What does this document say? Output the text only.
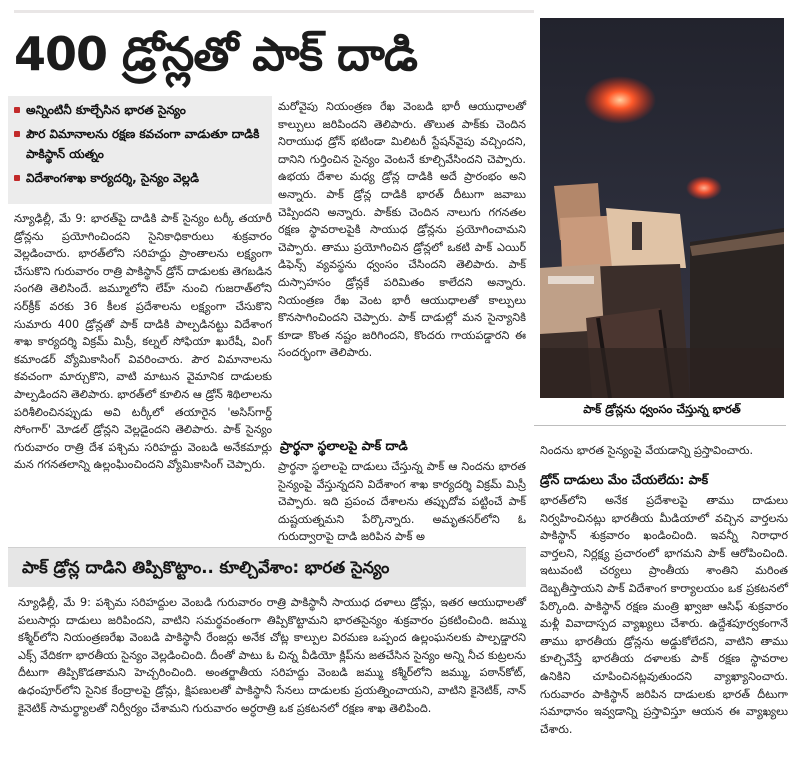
400 డ్రోన్లతో పాక్ దాడి
అన్నింటినీ కూల్చేసిన భారత సైన్యం
పౌర విమానాలను రక్షణ కవచంగా వాడుతూ దాడికి పాకిస్థాన్ యత్నం
విదేశాంగశాఖ కార్యదర్శి, సైన్యం వెల్లడి

న్యూఢిల్లీ, మే 9: భారత్‌పై దాడికి పాక్ సైన్యం టర్కీ తయారీ డ్రోన్లను ప్రయోగించిందని సైనికాధికారులు శుక్రవారం వెల్లడించారు. భారత్‌లోని సరిహద్దు ప్రాంతాలను లక్ష్యంగా చేసుకొని గురువారం రాత్రి పాకిస్థాన్ డ్రోన్ దాడులకు తెగబడిన సంగతి తెలిసిందే. జమ్మూలోని లేహ్ నుంచి గుజరాత్‌లోని సర్‌క్రీక్ వరకు 36 కీలక ప్రదేశాలను లక్ష్యంగా చేసుకొని సుమారు 400 డ్రోన్లతో పాక్ దాడికి పాల్పడినట్టు విదేశాంగ శాఖ కార్యదర్శి విక్రమ్ మిస్రీ, కల్నల్ సోఫియా ఖురేషీ, వింగ్ కమాండర్ వ్యోమికాసింగ్ వివరించారు. పౌర విమానాలను కవచంగా మార్చుకొని, వాటి మాటున వైమానిక దాడులకు పాల్పడిందని తెలిపారు. భారత్‌లో కూలిన ఆ డ్రోన్ శిథిలాలను పరిశీలించినప్పుడు అవి టర్కీలో తయారైన 'అసిస్‌గార్డ్ సోంగార్' మోడల్ డ్రోన్లని వెల్లడైందని తెలిపారు. పాక్ సైన్యం గురువారం రాత్రి దేశ పశ్చిమ సరిహద్దు వెంబడి అనేకమార్లు మన గగనతలాన్ని ఉల్లంఘించిందని వ్యోమికాసింగ్ చెప్పారు.

మరోవైపు నియంత్రణ రేఖ వెంబడి భారీ ఆయుధాలతో కాల్పులు జరిపిందని తెలిపారు. తొలుత పాక్‌కు చెందిన నిరాయుధ డ్రోన్ భటిండా మిలిటరీ స్టేషన్‌వైపు వచ్చిందని, దానిని గుర్తించిన సైన్యం వెంటనే కూల్చివేసిందని చెప్పారు. ఉభయ దేశాల మధ్య డ్రోన్ల దాడికి అదే ప్రారంభం అని అన్నారు. పాక్ డ్రోన్ల దాడికి భారత్ దీటుగా జవాబు చెప్పిందని అన్నారు. పాక్‌కు చెందిన నాలుగు గగనతల రక్షణ స్థావరాలపైకి సాయుధ డ్రోన్లను ప్రయోగించామని చెప్పారు. తాము ప్రయోగించిన డ్రోన్లలో ఒకటి పాక్ ఎయిర్ డిఫెన్స్ వ్యవస్థను ధ్వంసం చేసిందని తెలిపారు. పాక్ దుస్సాహసం డ్రోన్లకే పరిమితం కాలేదని అన్నారు. నియంత్రణ రేఖ వెంట భారీ ఆయుధాలతో కాల్పులు కొనసాగించిందని చెప్పారు. పాక్ దాడుల్లో మన సైన్యానికి కూడా కొంత నష్టం జరిగిందని, కొందరు గాయపడ్డారని ఈ సందర్భంగా తెలిపారు.

ప్రార్థనా స్థలాలపై పాక్ దాడి

ప్రార్థనా స్థలాలపై దాడులు చేస్తున్న పాక్ ఆ నిందను భారత సైన్యంపై వేస్తున్నదని విదేశాంగ శాఖ కార్యదర్శి విక్రమ్ మిస్రీ చెప్పారు. ఇది ప్రపంచ దేశాలను తప్పుదోవ పట్టించే పాక్ దుష్టయత్నమని పేర్కొన్నారు. అమృతసర్‌లోని ఓ గురుద్వారాపై దాడి జరిపిన పాక్ అ

పాక్ డ్రోన్లను ధ్వంసం చేస్తున్న భారత్

నిందను భారత సైన్యంపై వేయడాన్ని ప్రస్తావించారు.

డ్రోన్ దాడులు మేం చేయలేదు: పాక్

భారత్‌లోని అనేక ప్రదేశాలపై తాము దాడులు నిర్వహించినట్లు భారతీయ మీడియాలో వచ్చిన వార్తలను పాకిస్థాన్ శుక్రవారం ఖండించింది. ఇవన్నీ నిరాధార వార్తలని, నిర్లక్ష్య ప్రచారంలో భాగమని పాక్ ఆరోపించింది. ఇటువంటి చర్యలు ప్రాంతీయ శాంతిని మరింత దెబ్బతీస్తాయని పాక్ విదేశాంగ కార్యాలయం ఒక ప్రకటనలో పేర్కొంది. పాకిస్థాన్ రక్షణ మంత్రి ఖ్వాజా ఆసిఫ్ శుక్రవారం మళ్లీ వివాదాస్పద వ్యాఖ్యలు చేశారు. ఉద్దేశపూర్వకంగానే తాము భారతీయ డ్రోన్లను అడ్డుకోలేదని, వాటిని తాము కూల్చివేస్తే భారతీయ దళాలకు పాక్ రక్షణ స్థావరాల ఉనికిని చూపించినట్లవుతుందని వ్యాఖ్యానించారు. గురువారం పాకిస్థాన్ జరిపిన దాడులకు భారత్ దీటుగా సమాధానం ఇవ్వడాన్ని ప్రస్తావిస్తూ ఆయన ఈ వ్యాఖ్యలు చేశారు.

పాక్ డ్రోన్ల దాడిని తిప్పికొట్టాం.. కూల్చివేశాం: భారత సైన్యం

న్యూఢిల్లీ, మే 9: పశ్చిమ సరిహద్దుల వెంబడి గురువారం రాత్రి పాకిస్థానీ సాయుధ దళాలు డ్రోన్లు, ఇతర ఆయుధాలతో పలుసార్లు దాడులు జరిపిందని, వాటిని సమర్థవంతంగా తిప్పికొట్టామని భారతసైన్యం శుక్రవారం ప్రకటించింది. జమ్ము కశ్మీర్‌లోని నియంత్రణరేఖ వెంబడి పాకిస్థానీ రేంజర్లు అనేక చోట్ల కాల్పుల విరమణ ఒప్పంద ఉల్లంఘనలకు పాల్పడ్డారని ఎక్స్ వేదికగా భారతీయ సైన్యం వెల్లడించింది. దీంతో పాటు ఓ చిన్న వీడియో క్లిప్‌ను జతచేసిన సైన్యం అన్ని నీచ కుట్రలను దీటుగా తిప్పికొడతామని హెచ్చరించింది. అంతర్జాతీయ సరిహద్దు వెంబడి జమ్ము కశ్మీర్‌లోని జమ్ము, పఠాన్‌కోట్, ఉధంపూర్‌లోని సైనిక కేంద్రాలపై డ్రోన్లు, క్షిపణులతో పాకిస్థానీ సేనలు దాడులకు ప్రయత్నించాయని, వాటిని కైనెటిక్, నాన్ కైనెటిక్ సామర్థ్యాలతో నిర్వీర్యం చేశామని గురువారం అర్ధరాత్రి ఒక ప్రకటనలో రక్షణ శాఖ తెలిపింది.
